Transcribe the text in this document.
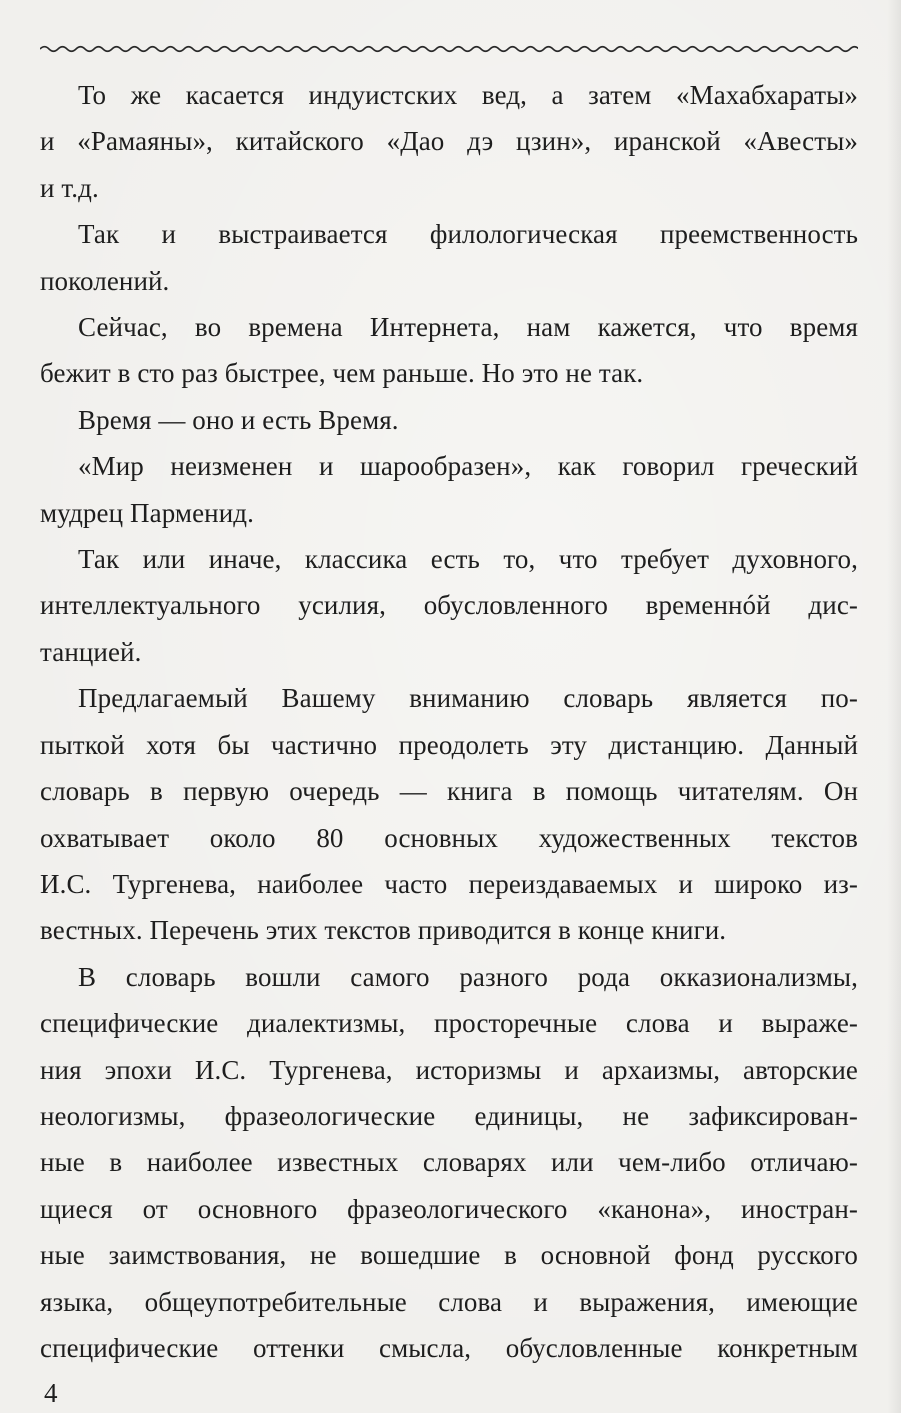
То же касается индуистских вед, а затем «Махабхараты»
и «Рамаяны», китайского «Дао дэ цзин», иранской «Авесты»
и т.д.
Так и выстраивается филологическая преемственность
поколений.
Сейчас, во времена Интернета, нам кажется, что время
бежит в сто раз быстрее, чем раньше. Но это не так.
Время — оно и есть Время.
«Мир неизменен и шарообразен», как говорил греческий
мудрец Парменид.
Так или иначе, классика есть то, что требует духовного,
интеллектуального усилия, обусловленного временнóй дис-
танцией.
Предлагаемый Вашему вниманию словарь является по-
пыткой хотя бы частично преодолеть эту дистанцию. Данный
словарь в первую очередь — книга в помощь читателям. Он
охватывает около 80 основных художественных текстов
И.С. Тургенева, наиболее часто переиздаваемых и широко из-
вестных. Перечень этих текстов приводится в конце книги.
В словарь вошли самого разного рода окказионализмы,
специфические диалектизмы, просторечные слова и выраже-
ния эпохи И.С. Тургенева, историзмы и архаизмы, авторские
неологизмы, фразеологические единицы, не зафиксирован-
ные в наиболее известных словарях или чем-либо отличаю-
щиеся от основного фразеологического «канона», иностран-
ные заимствования, не вошедшие в основной фонд русского
языка, общеупотребительные слова и выражения, имеющие
специфические оттенки смысла, обусловленные конкретным
4
